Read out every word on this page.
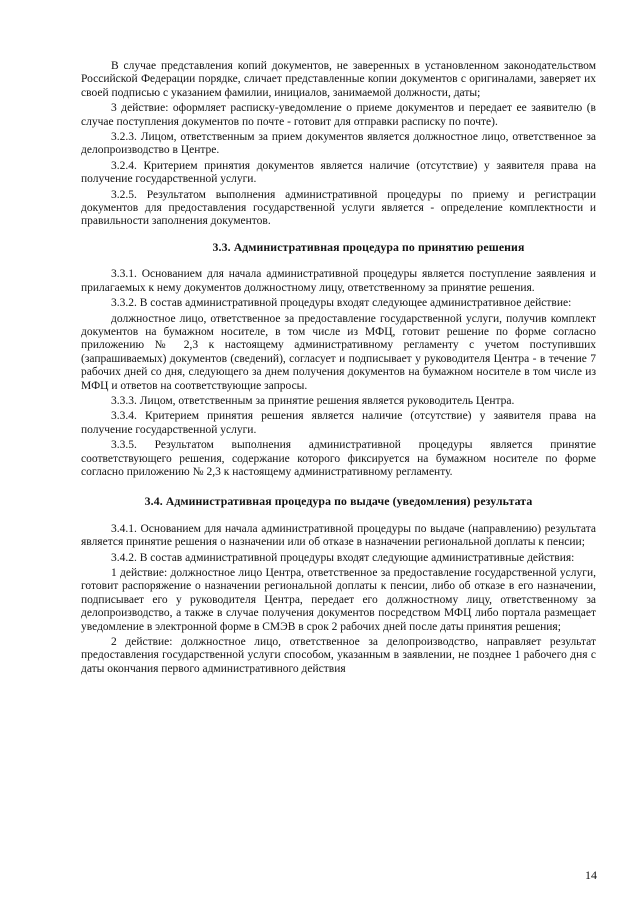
В случае представления копий документов, не заверенных в установленном законодательством Российской Федерации порядке, сличает представленные копии документов с оригиналами, заверяет их своей подписью с указанием фамилии, инициалов, занимаемой должности, даты;

3 действие: оформляет расписку-уведомление о приеме документов и передает ее заявителю (в случае поступления документов по почте - готовит для отправки расписку по почте).

3.2.3. Лицом, ответственным за прием документов является должностное лицо, ответственное за делопроизводство в Центре.

3.2.4. Критерием принятия документов является наличие (отсутствие) у заявителя права на получение государственной услуги.

3.2.5. Результатом выполнения административной процедуры по приему и регистрации документов для предоставления государственной услуги является - определение комплектности и правильности заполнения документов.

3.3. Административная процедура по принятию решения

3.3.1. Основанием для начала административной процедуры является поступление заявления и прилагаемых к нему документов должностному лицу, ответственному за принятие решения.

3.3.2. В состав административной процедуры входят следующее административное действие:

должностное лицо, ответственное за предоставление государственной услуги, получив комплект документов на бумажном носителе, в том числе из МФЦ, готовит решение по форме согласно приложению № 2,3 к настоящему административному регламенту с учетом поступивших (запрашиваемых) документов (сведений), согласует и подписывает у руководителя Центра - в течение 7 рабочих дней со дня, следующего за днем получения документов на бумажном носителе в том числе из МФЦ и ответов на соответствующие запросы.

3.3.3. Лицом, ответственным за принятие решения является руководитель Центра.

3.3.4. Критерием принятия решения является наличие (отсутствие) у заявителя права на получение государственной услуги.

3.3.5. Результатом выполнения административной процедуры является принятие соответствующего решения, содержание которого фиксируется на бумажном носителе по форме согласно приложению № 2,3 к настоящему административному регламенту.

3.4. Административная процедура по выдаче (уведомления) результата

3.4.1. Основанием для начала административной процедуры по выдаче (направлению) результата является принятие решения о назначении или об отказе в назначении региональной доплаты к пенсии;

3.4.2. В состав административной процедуры входят следующие административные действия:

1 действие: должностное лицо Центра, ответственное за предоставление государственной услуги, готовит распоряжение о назначении региональной доплаты к пенсии, либо об отказе в его назначении, подписывает его у руководителя Центра, передает его должностному лицу, ответственному за делопроизводство, а также в случае получения документов посредством МФЦ либо портала размещает уведомление в электронной форме в СМЭВ в срок 2 рабочих дней после даты принятия решения;

2 действие: должностное лицо, ответственное за делопроизводство, направляет результат предоставления государственной услуги способом, указанным в заявлении, не позднее 1 рабочего дня с даты окончания первого административного действия

14
